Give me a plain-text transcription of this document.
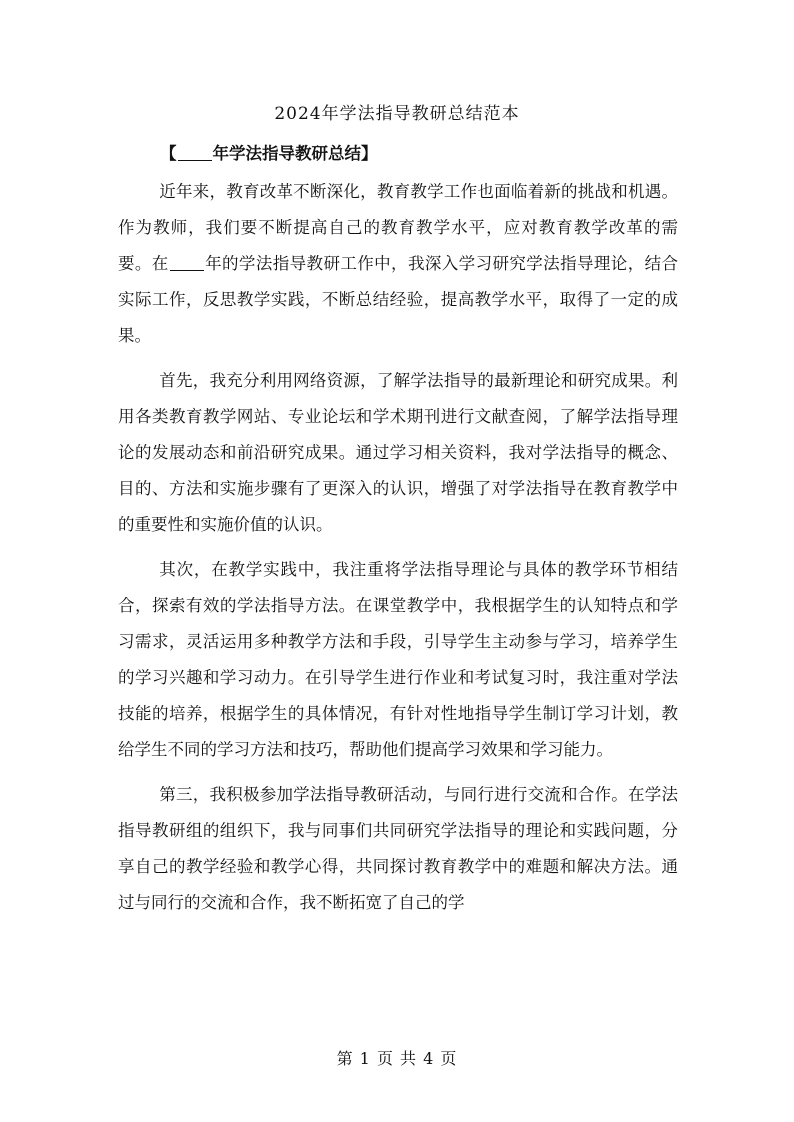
2024年学法指导教研总结范本

【 年学法指导教研总结】

近年来，教育改革不断深化，教育教学工作也面临着新的挑战和机遇。作为教师，我们要不断提高自己的教育教学水平，应对教育教学改革的需要。在 年的学法指导教研工作中，我深入学习研究学法指导理论，结合实际工作，反思教学实践，不断总结经验，提高教学水平，取得了一定的成果。

首先，我充分利用网络资源，了解学法指导的最新理论和研究成果。利用各类教育教学网站、专业论坛和学术期刊进行文献查阅，了解学法指导理论的发展动态和前沿研究成果。通过学习相关资料，我对学法指导的概念、目的、方法和实施步骤有了更深入的认识，增强了对学法指导在教育教学中的重要性和实施价值的认识。

其次，在教学实践中，我注重将学法指导理论与具体的教学环节相结合，探索有效的学法指导方法。在课堂教学中，我根据学生的认知特点和学习需求，灵活运用多种教学方法和手段，引导学生主动参与学习，培养学生的学习兴趣和学习动力。在引导学生进行作业和考试复习时，我注重对学法技能的培养，根据学生的具体情况，有针对性地指导学生制订学习计划，教给学生不同的学习方法和技巧，帮助他们提高学习效果和学习能力。

第三，我积极参加学法指导教研活动，与同行进行交流和合作。在学法指导教研组的组织下，我与同事们共同研究学法指导的理论和实践问题，分享自己的教学经验和教学心得，共同探讨教育教学中的难题和解决方法。通过与同行的交流和合作，我不断拓宽了自己的学

第 1 页 共 4 页
